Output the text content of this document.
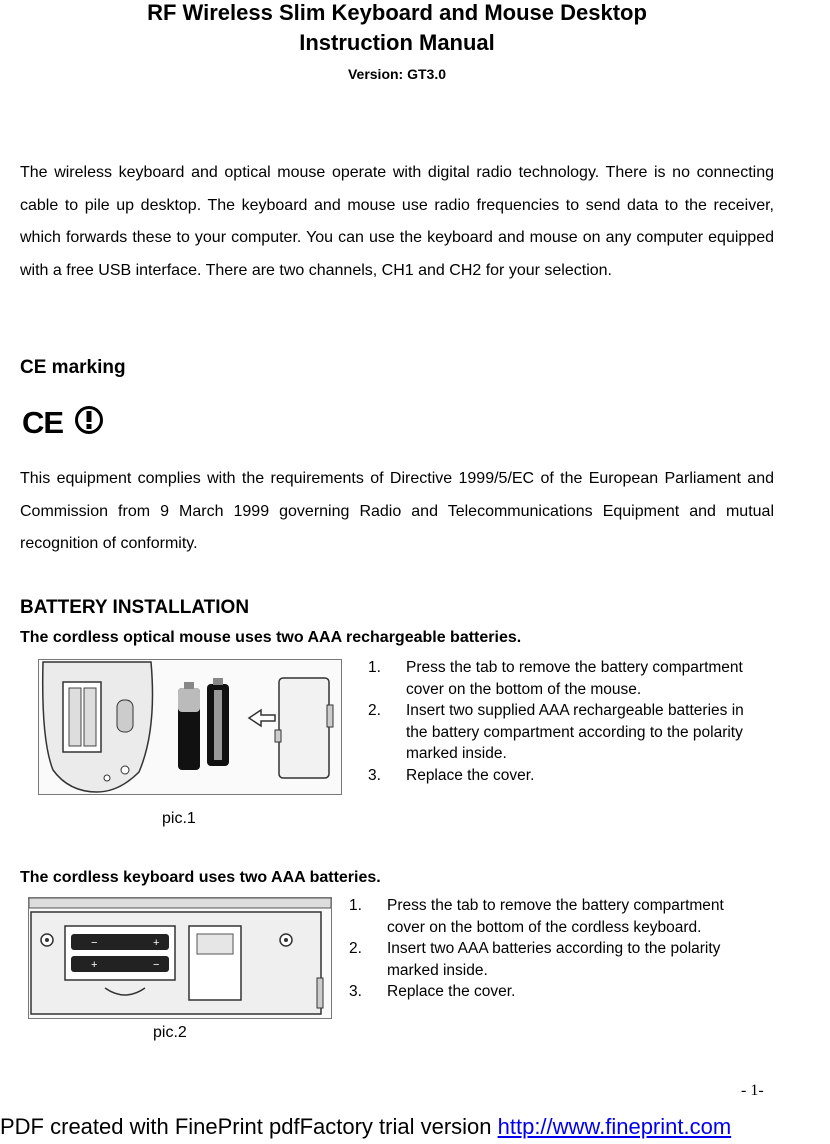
RF Wireless Slim Keyboard and Mouse Desktop
Instruction Manual
Version: GT3.0
The wireless keyboard and optical mouse operate with digital radio technology. There is no connecting cable to pile up desktop. The keyboard and mouse use radio frequencies to send data to the receiver, which forwards these to your computer. You can use the keyboard and mouse on any computer equipped with a free USB interface. There are two channels, CH1 and CH2 for your selection.
CE marking
CE
This equipment complies with the requirements of Directive 1999/5/EC of the European Parliament and Commission from 9 March 1999 governing Radio and Telecommunications Equipment and mutual recognition of conformity.
BATTERY INSTALLATION
The cordless optical mouse uses two AAA rechargeable batteries.
1. Press the tab to remove the battery compartment cover on the bottom of the mouse.
2. Insert two supplied AAA rechargeable batteries in the battery compartment according to the polarity marked inside.
3. Replace the cover.
pic.1
The cordless keyboard uses two AAA batteries.
−	+
+	−
1. Press the tab to remove the battery compartment cover on the bottom of the cordless keyboard.
2. Insert two AAA batteries according to the polarity marked inside.
3. Replace the cover.
pic.2
- 1-
PDF created with FinePrint pdfFactory trial version http://www.fineprint.com
